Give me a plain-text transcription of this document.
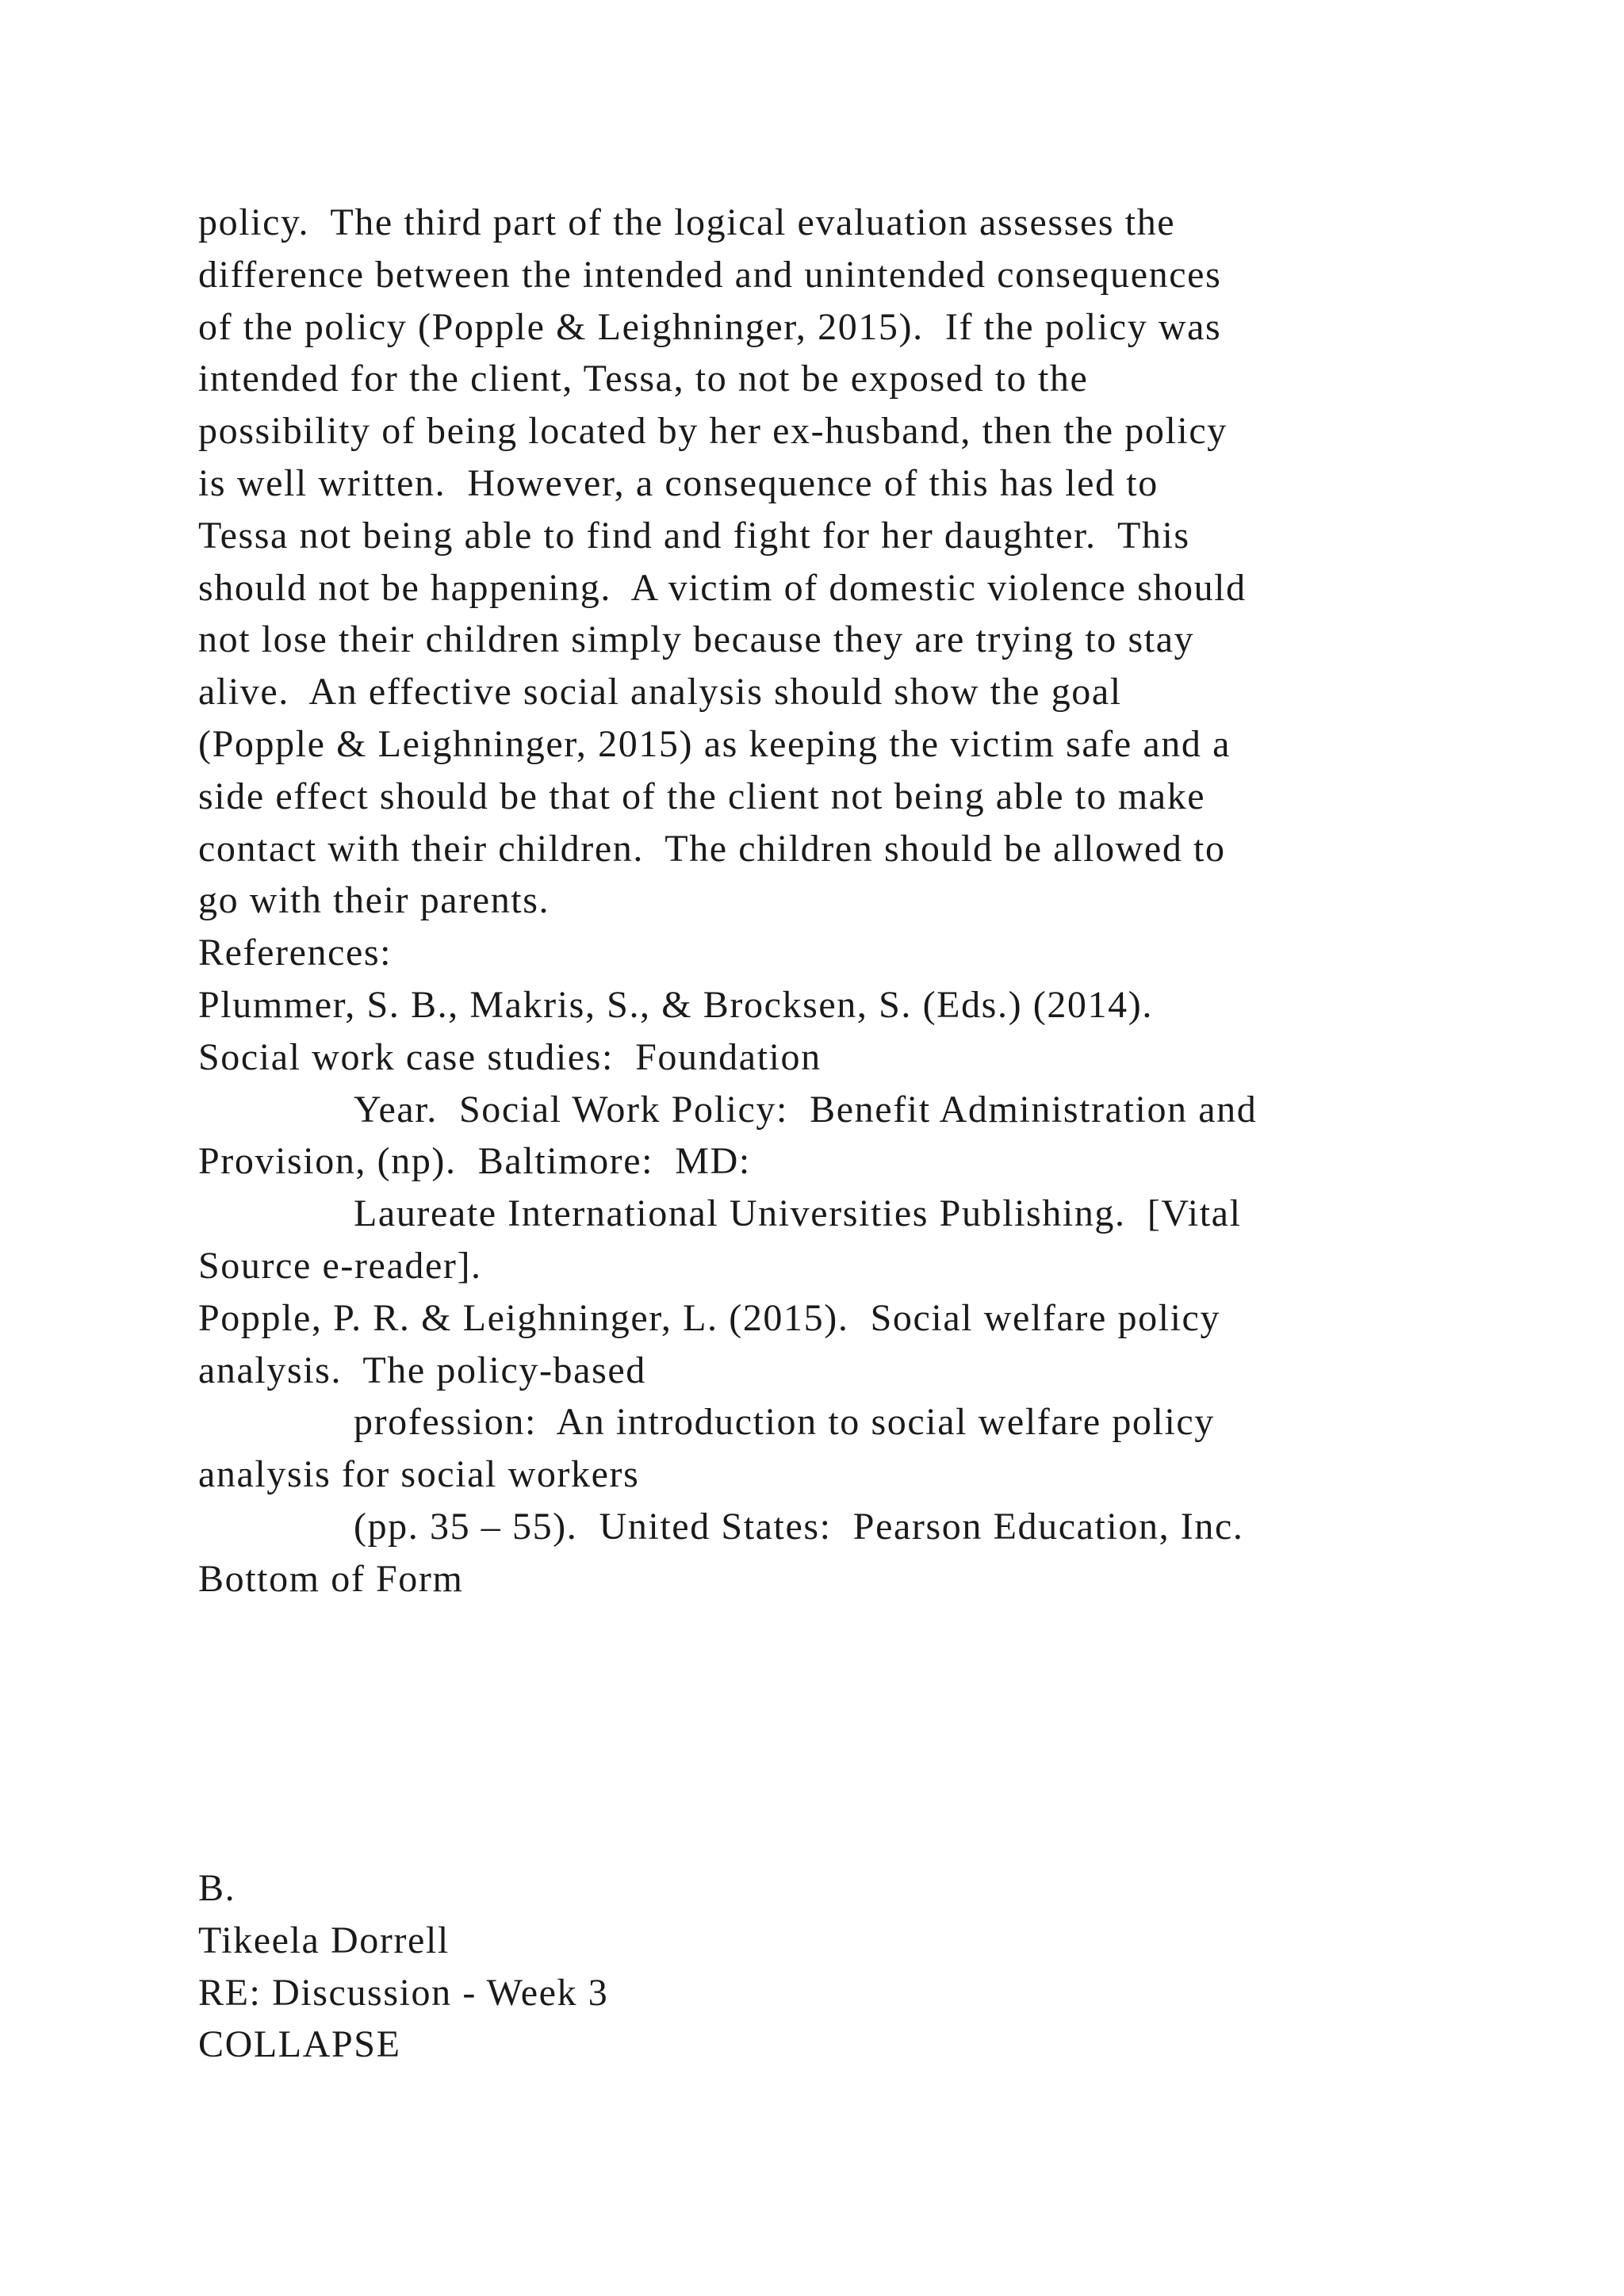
policy.  The third part of the logical evaluation assesses the
difference between the intended and unintended consequences
of the policy (Popple & Leighninger, 2015).  If the policy was
intended for the client, Tessa, to not be exposed to the
possibility of being located by her ex-husband, then the policy
is well written.  However, a consequence of this has led to
Tessa not being able to find and fight for her daughter.  This
should not be happening.  A victim of domestic violence should
not lose their children simply because they are trying to stay
alive.  An effective social analysis should show the goal
(Popple & Leighninger, 2015) as keeping the victim safe and a
side effect should be that of the client not being able to make
contact with their children.  The children should be allowed to
go with their parents.
References:
Plummer, S. B., Makris, S., & Brocksen, S. (Eds.) (2014).
Social work case studies:  Foundation
Year.  Social Work Policy:  Benefit Administration and
Provision, (np).  Baltimore:  MD:
Laureate International Universities Publishing.  [Vital
Source e-reader].
Popple, P. R. & Leighninger, L. (2015).  Social welfare policy
analysis.  The policy-based
profession:  An introduction to social welfare policy
analysis for social workers
(pp. 35 – 55).  United States:  Pearson Education, Inc.
Bottom of Form
B.
Tikeela Dorrell
RE: Discussion - Week 3
COLLAPSE
